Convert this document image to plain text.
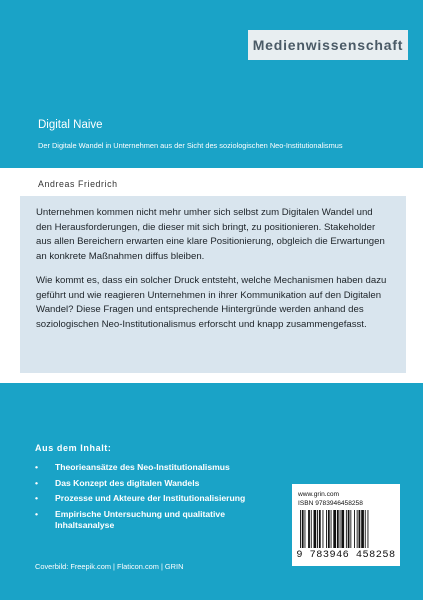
Medienwissenschaft
Digital Naive
Der Digitale Wandel in Unternehmen aus der Sicht des soziologischen Neo-Institutionalismus
Andreas Friedrich

Unternehmen kommen nicht mehr umher sich selbst zum Digitalen Wandel und den Herausforderungen, die dieser mit sich bringt, zu positionieren. Stakeholder aus allen Bereichern erwarten eine klare Positionierung, obgleich die Erwartungen an konkrete Maßnahmen diffus bleiben.

Wie kommt es, dass ein solcher Druck entsteht, welche Mechanismen haben dazu geführt und wie reagieren Unternehmen in ihrer Kommunikation auf den Digitalen Wandel? Diese Fragen und entsprechende Hintergründe werden anhand des soziologischen Neo-Institutionalismus erforscht und knapp zusammengefasst.

Aus dem Inhalt:
• Theorieansätze des Neo-Institutionalismus
• Das Konzept des digitalen Wandels
• Prozesse und Akteure der Institutionalisierung
• Empirische Untersuchung und qualitative Inhaltsanalyse
Coverbild: Freepik.com | Flaticon.com | GRIN
www.grin.com
ISBN 9783946458258
9 783946 458258
